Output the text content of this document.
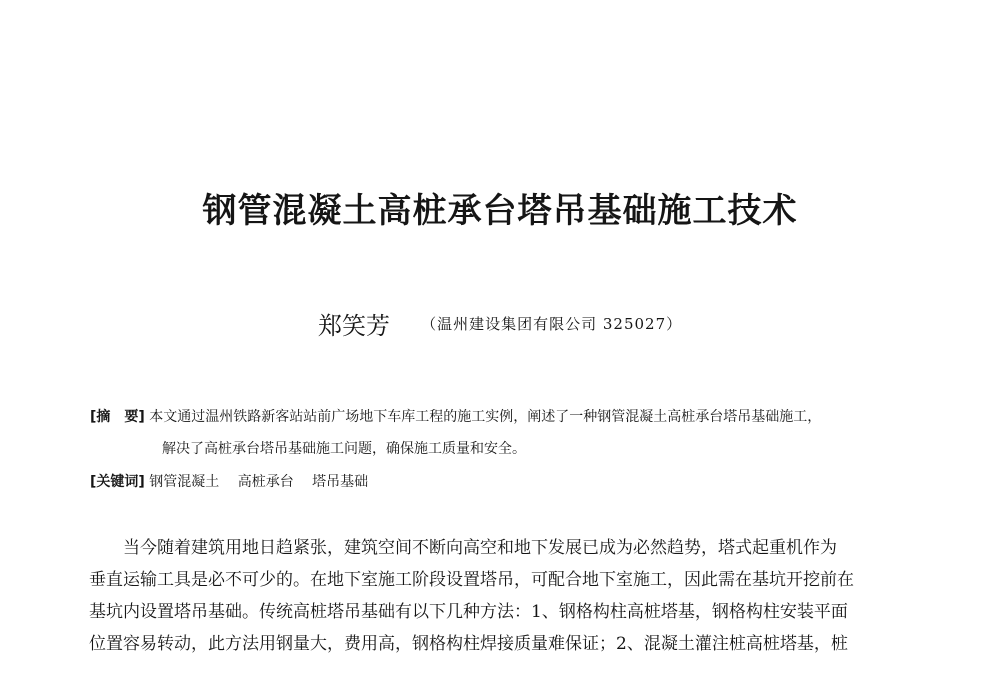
钢管混凝土高桩承台塔吊基础施工技术
郑笑芳 （温州建设集团有限公司 325027）
[摘　要] 本文通过温州铁路新客站站前广场地下车库工程的施工实例，阐述了一种钢管混凝土高桩承台塔吊基础施工，
解决了高桩承台塔吊基础施工问题，确保施工质量和安全。
[关键词] 钢管混凝土 高桩承台 塔吊基础
　　当今随着建筑用地日趋紧张，建筑空间不断向高空和地下发展已成为必然趋势，塔式起重机作为
垂直运输工具是必不可少的。在地下室施工阶段设置塔吊，可配合地下室施工，因此需在基坑开挖前在
基坑内设置塔吊基础。传统高桩塔吊基础有以下几种方法：1、钢格构柱高桩塔基，钢格构柱安装平面
位置容易转动，此方法用钢量大，费用高，钢格构柱焊接质量难保证；2、混凝土灌注桩高桩塔基，桩
